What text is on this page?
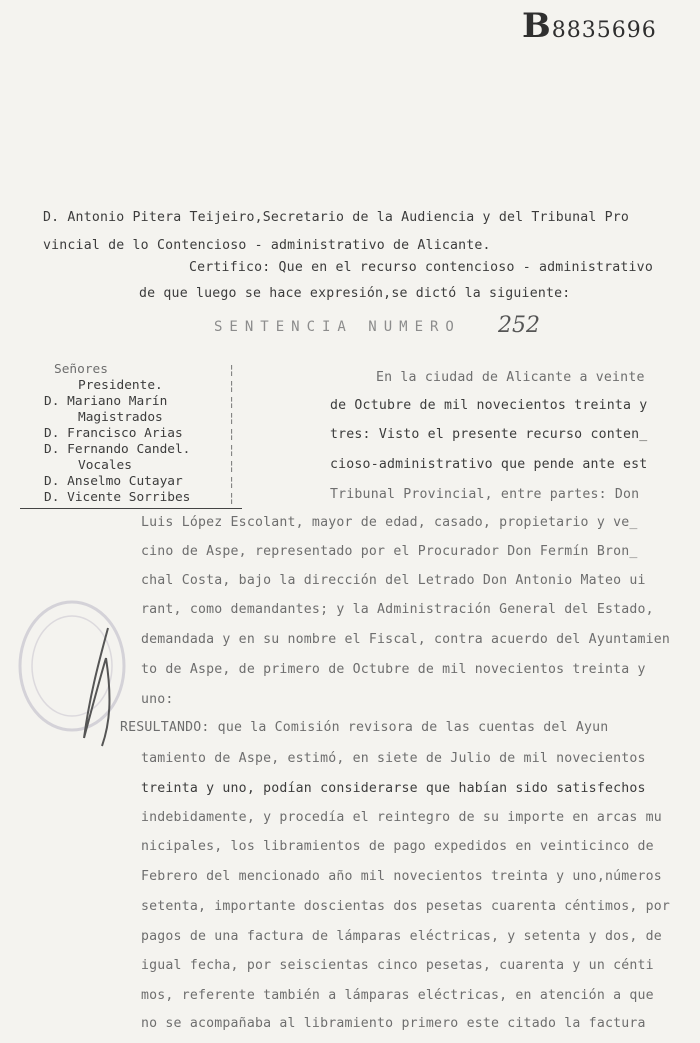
B8835696
D. Antonio Pitera Teijeiro,Secretario de la Audiencia y del Tribunal Pro
vincial de lo Contencioso - administrativo de Alicante.
Certifico: Que en el recurso contencioso - administrativo
de que luego se hace expresión,se dictó la siguiente:
SENTENCIA NUMERO 252
Señores
Presidente.
D. Mariano Marín
Magistrados
D. Francisco Arias
D. Fernando Candel.
Vocales
D. Anselmo Cutayar
D. Vicente Sorribes
¦
¦
¦
¦
¦
¦
¦
¦
¦
En la ciudad de Alicante a veinte
de Octubre de mil novecientos treinta y
tres: Visto el presente recurso conten_
cioso-administrativo que pende ante est
Tribunal Provincial, entre partes: Don
Luis López Escolant, mayor de edad, casado, propietario y ve_
cino de Aspe, representado por el Procurador Don Fermín Bron_
chal Costa, bajo la dirección del Letrado Don Antonio Mateo ui
rant, como demandantes; y la Administración General del Estado,
demandada y en su nombre el Fiscal, contra acuerdo del Ayuntamien
to de Aspe, de primero de Octubre de mil novecientos treinta y
uno:
RESULTANDO: que la Comisión revisora de las cuentas del Ayun
tamiento de Aspe, estimó, en siete de Julio de mil novecientos
treinta y uno, podían considerarse que habían sido satisfechos
indebidamente, y procedía el reintegro de su importe en arcas mu
nicipales, los libramientos de pago expedidos en veinticinco de
Febrero del mencionado año mil novecientos treinta y uno,números
setenta, importante doscientas dos pesetas cuarenta céntimos, por
pagos de una factura de lámparas eléctricas, y setenta y dos, de
igual fecha, por seiscientas cinco pesetas, cuarenta y un cénti
mos, referente también a lámparas eléctricas, en atención a que
no se acompañaba al libramiento primero este citado la factura
